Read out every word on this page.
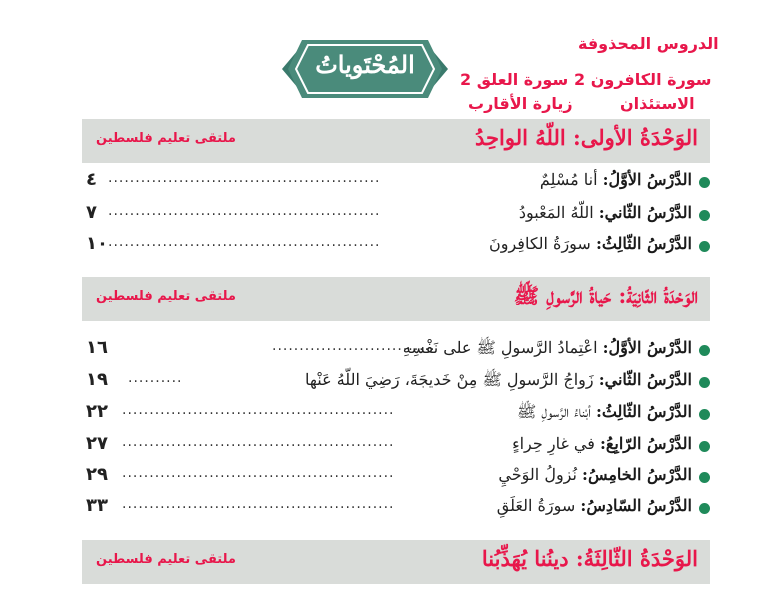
المُحْتَوياتُ
الدروس المحذوفة
سورة الكافرون 2
سورة العلق 2
الاستئذان
زيارة الأقارب
الوَحْدَةُ الأولى: اللّهُ الواحِدُ
ملتقى تعليم فلسطين
الدَّرْسُ الأوَّلُ: أنا مُسْلِمٌ
..................................................
٤
الدَّرْسُ الثّاني: اللّهُ المَعْبودُ
..................................................
٧
الدَّرْسُ الثّالِثُ: سورَةُ الكافِرونَ
..................................................
١٠
الوَحْدَةُ الثّانِيَةُ: حَياةُ الرَّسولِ ﷺ
ملتقى تعليم فلسطين
الدَّرْسُ الأوَّلُ: اعْتِمادُ الرَّسولِ ﷺ على نَفْسِهِ
..............................
١٦
الدَّرْسُ الثّاني: زَواجُ الرَّسولِ ﷺ مِنْ خَديجَةَ، رَضِيَ اللّهُ عَنْها
..........
١٩
الدَّرْسُ الثّالِثُ: أبْناءُ الرَّسولِ ﷺ
..................................................
٢٢
الدَّرْسُ الرّابِعُ: في غارِ حِراءٍ
..................................................
٢٧
الدَّرْسُ الخامِسُ: نُزولُ الوَحْيِ
..................................................
٢٩
الدَّرْسُ السّادِسُ: سورَةُ العَلَقِ
..................................................
٣٣
الوَحْدَةُ الثّالِثَةُ: دينُنا يُهَذِّبُنا
ملتقى تعليم فلسطين
